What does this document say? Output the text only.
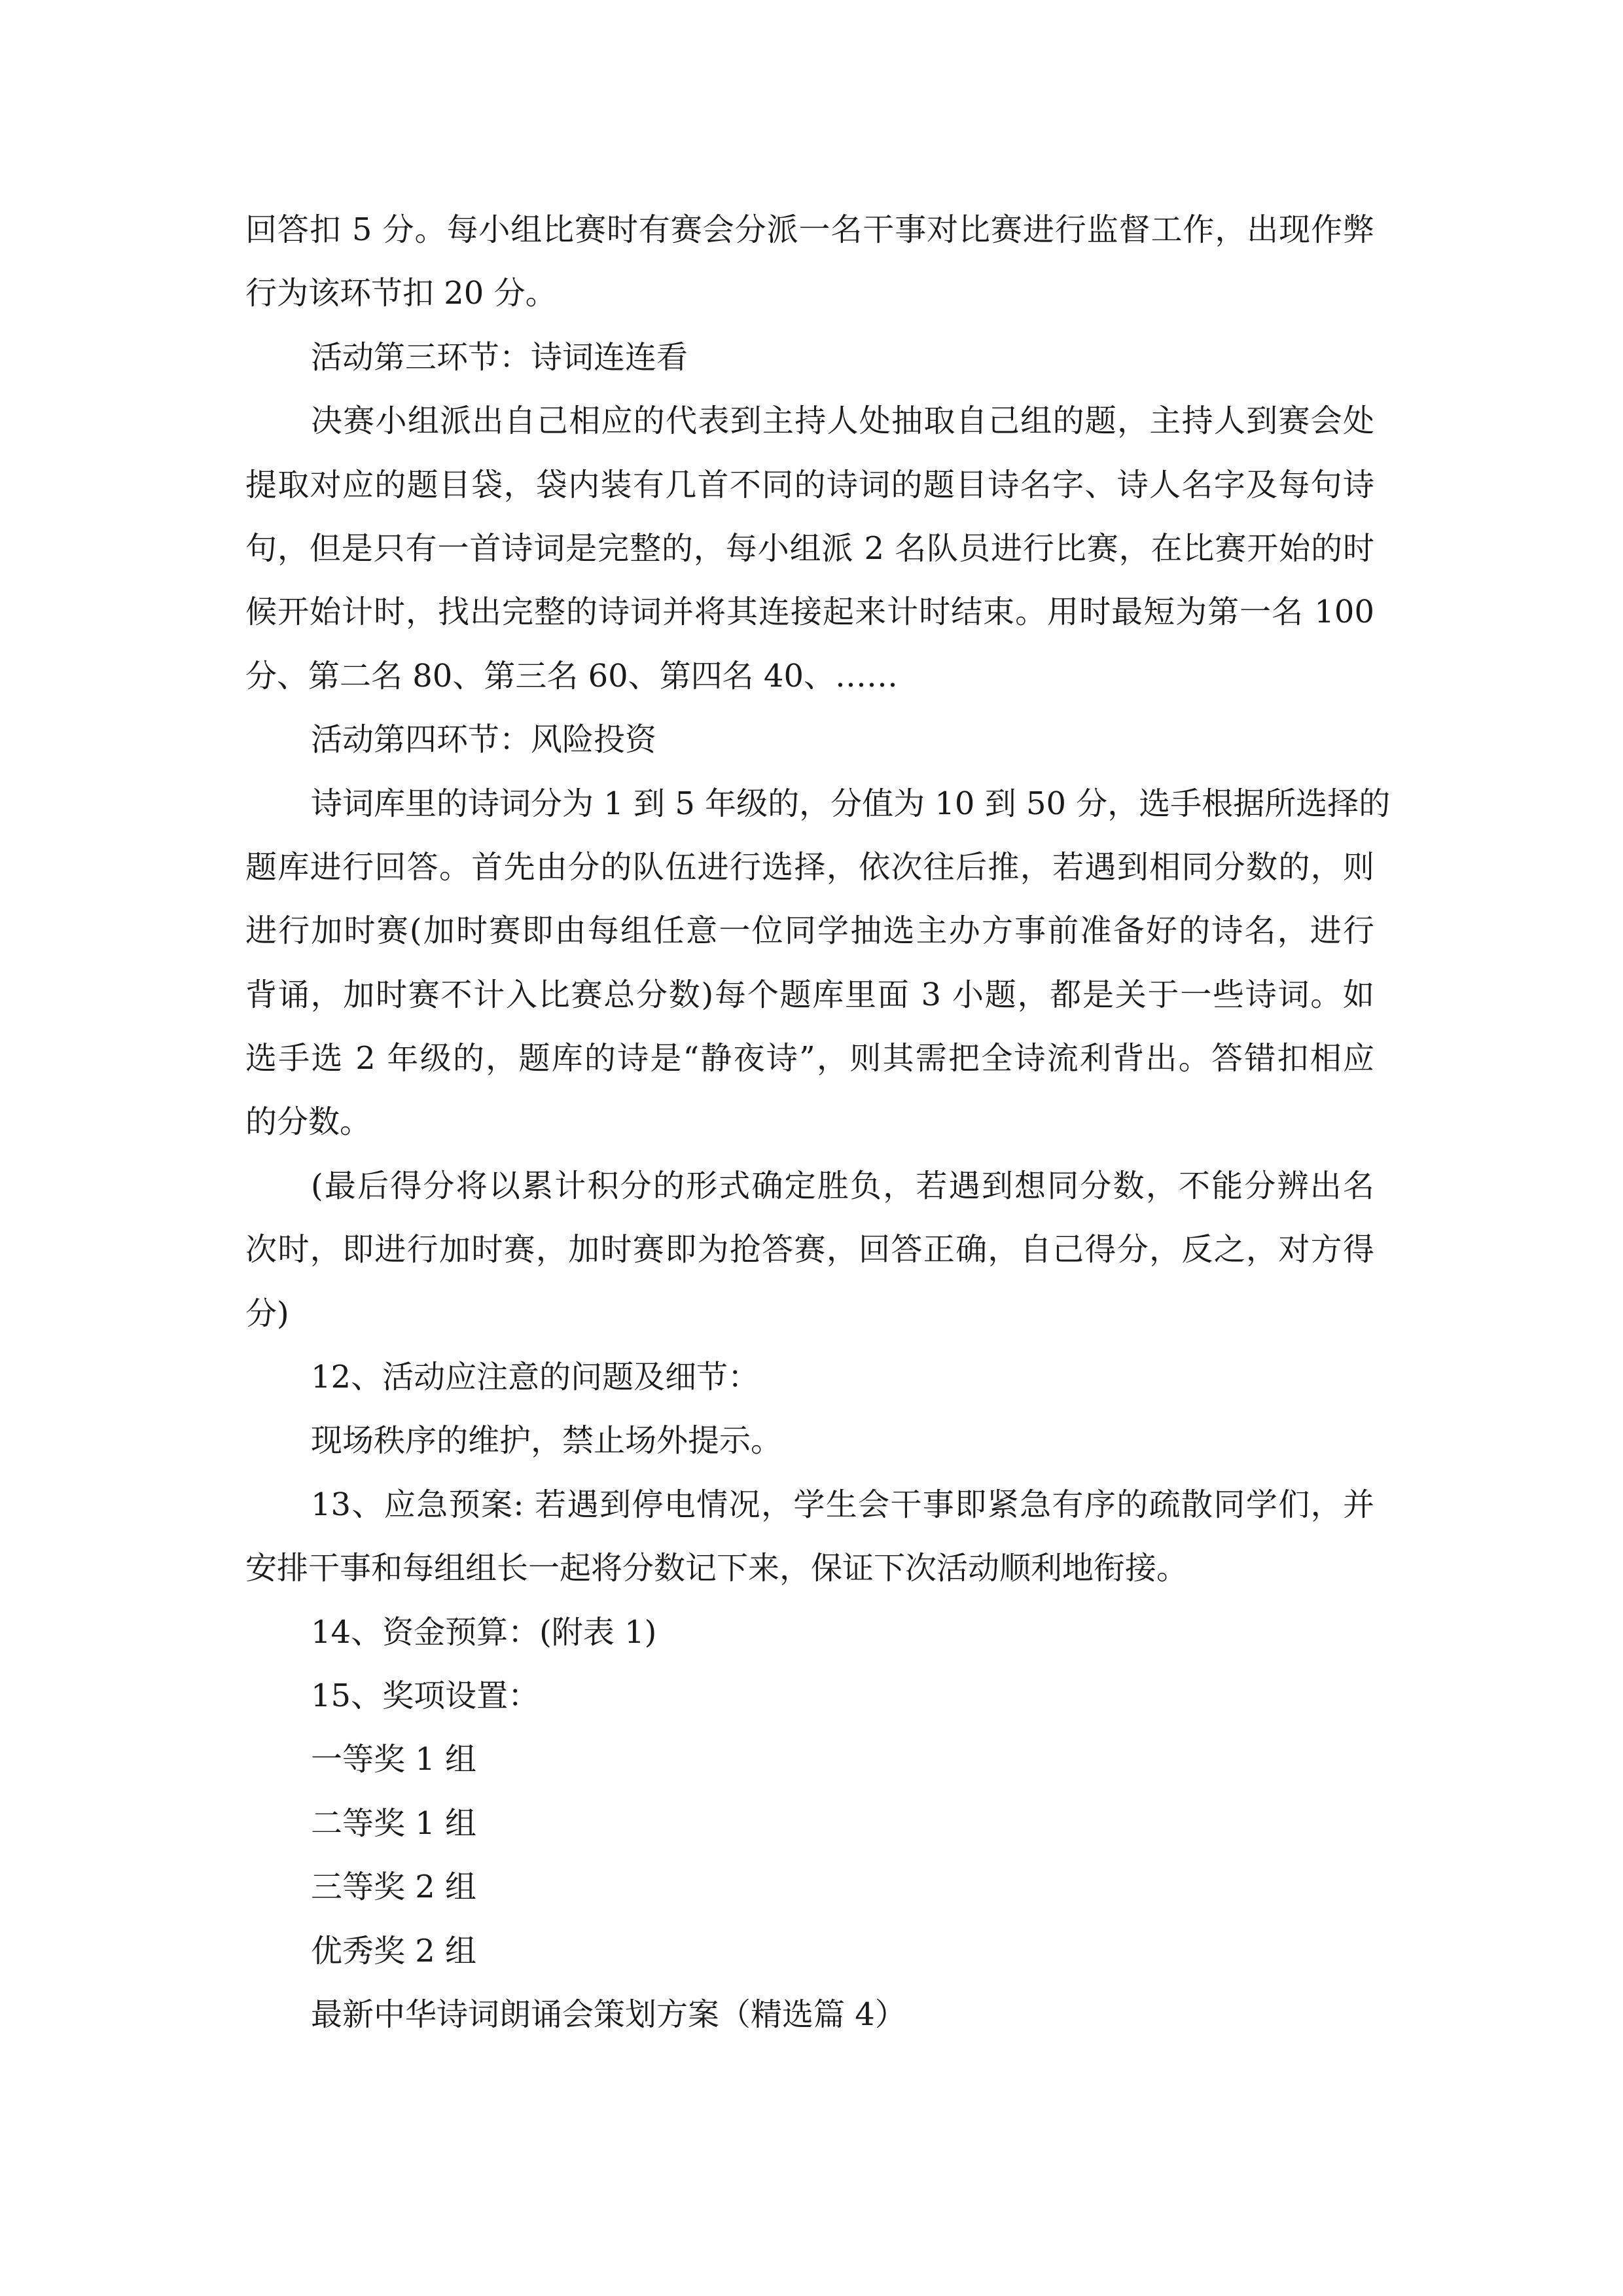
回答扣 5 分。每小组比赛时有赛会分派一名干事对比赛进行监督工作，出现作弊
行为该环节扣 20 分。
活动第三环节：诗词连连看
决赛小组派出自己相应的代表到主持人处抽取自己组的题，主持人到赛会处
提取对应的题目袋，袋内装有几首不同的诗词的题目诗名字、诗人名字及每句诗
句，但是只有一首诗词是完整的，每小组派 2 名队员进行比赛，在比赛开始的时
候开始计时，找出完整的诗词并将其连接起来计时结束。用时最短为第一名 100
分、第二名 80、第三名 60、第四名 40、……
活动第四环节：风险投资
诗词库里的诗词分为 1 到 5 年级的，分值为 10 到 50 分，选手根据所选择的
题库进行回答。首先由分的队伍进行选择，依次往后推，若遇到相同分数的，则
进行加时赛(加时赛即由每组任意一位同学抽选主办方事前准备好的诗名，进行
背诵，加时赛不计入比赛总分数)每个题库里面 3 小题，都是关于一些诗词。如
选手选 2 年级的，题库的诗是“静夜诗”，则其需把全诗流利背出。答错扣相应
的分数。
(最后得分将以累计积分的形式确定胜负，若遇到想同分数，不能分辨出名
次时，即进行加时赛，加时赛即为抢答赛，回答正确，自己得分，反之，对方得
分)
12、活动应注意的问题及细节：
现场秩序的维护，禁止场外提示。
13、应急预案: 若遇到停电情况，学生会干事即紧急有序的疏散同学们，并
安排干事和每组组长一起将分数记下来，保证下次活动顺利地衔接。
14、资金预算：(附表 1)
15、奖项设置：
一等奖 1 组
二等奖 1 组
三等奖 2 组
优秀奖 2 组
最新中华诗词朗诵会策划方案（精选篇 4）
